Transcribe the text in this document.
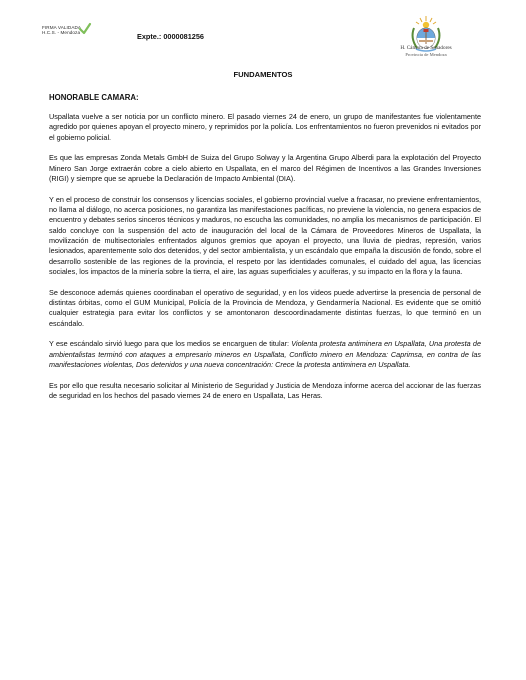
FIRMA VALIDADA
H.C.S. - Mendoza	Expte.: 0000081256
H. Cámara de Senadores
Provincia de Mendoza
FUNDAMENTOS
HONORABLE CAMARA:

Uspallata vuelve a ser noticia por un conflicto minero. El pasado viernes 24 de enero, un grupo de manifestantes fue violentamente agredido por quienes apoyan el proyecto minero, y reprimidos por la policía. Los enfrentamientos no fueron prevenidos ni evitados por el gobierno policial.

Es que las empresas Zonda Metals GmbH de Suiza del Grupo Solway y la Argentina Grupo Alberdi para la explotación del Proyecto Minero San Jorge extraerán cobre a cielo abierto en Uspallata, en el marco del Régimen de Incentivos a las Grandes Inversiones (RIGI) y siempre que se apruebe la Declaración de Impacto Ambiental (DIA).

Y en el proceso de construir los consensos y licencias sociales, el gobierno provincial vuelve a fracasar, no previene enfrentamientos, no llama al diálogo, no acerca posiciones, no garantiza las manifestaciones pacíficas, no previene la violencia, no genera espacios de encuentro y debates serios sinceros técnicos y maduros, no escucha las comunidades, no amplia los mecanismos de participación. El saldo concluye con la suspensión del acto de inauguración del local de la Cámara de Proveedores Mineros de Uspallata, la movilización de multisectoriales enfrentados algunos gremios que apoyan el proyecto, una lluvia de piedras, represión, varios lesionados, aparentemente solo dos detenidos, y del sector ambientalista, y un escándalo que empaña la discusión de fondo, sobre el desarrollo sostenible de las regiones de la provincia, el respeto por las identidades comunales, el cuidado del agua, las licencias sociales, los impactos de la minería sobre la tierra, el aire, las aguas superficiales y acuíferas, y su impacto en la flora y la fauna.

Se desconoce además quienes coordinaban el operativo de seguridad, y en los videos puede advertirse la presencia de personal de distintas órbitas, como el GUM Municipal, Policía de la Provincia de Mendoza, y Gendarmería Nacional. Es evidente que se omitió cualquier estrategia para evitar los conflictos y se amontonaron descoordinadamente distintas fuerzas, lo que terminó en un escándalo.

Y ese escándalo sirvió luego para que los medios se encarguen de titular: Violenta protesta antiminera en Uspallata, Una protesta de ambientalistas terminó con ataques a empresario mineros en Uspallata, Conflicto minero en Mendoza: Caprimsa, en contra de las manifestaciones violentas, Dos detenidos y una nueva concentración: Crece la protesta antiminera en Uspallata.

Es por ello que resulta necesario solicitar al Ministerio de Seguridad y Justicia de Mendoza informe acerca del accionar de las fuerzas de seguridad en los hechos del pasado viernes 24 de enero en Uspallata, Las Heras.
